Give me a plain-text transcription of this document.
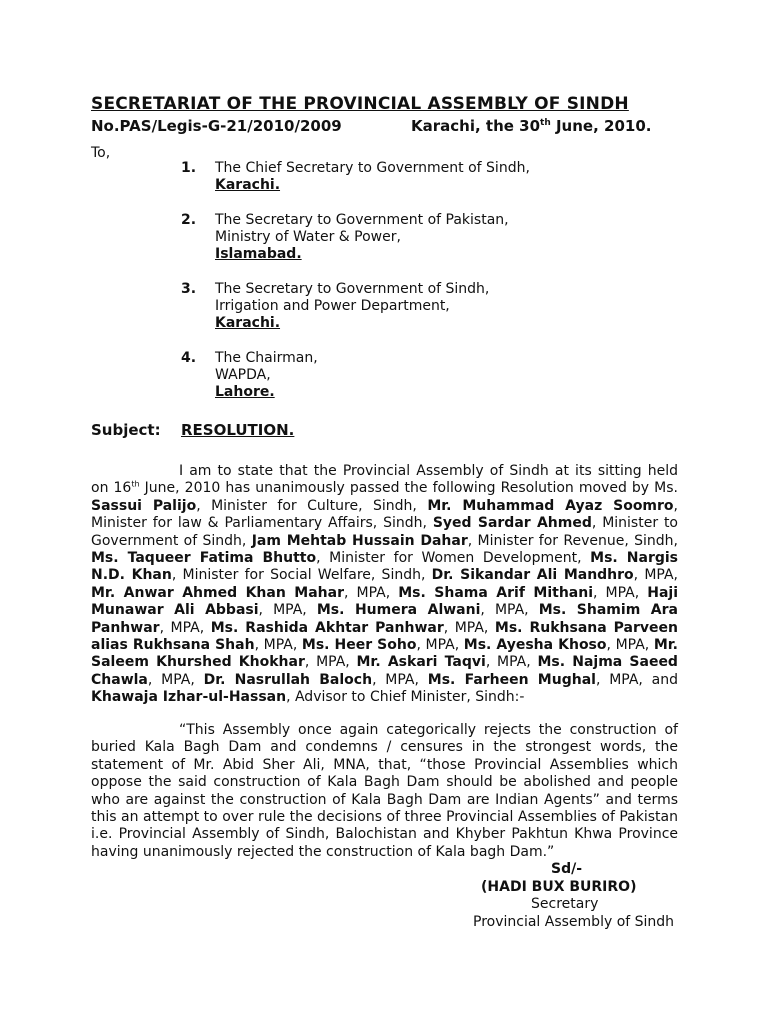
SECRETARIAT OF THE PROVINCIAL ASSEMBLY OF SINDH
No.PAS/Legis-G-21/2010/2009	Karachi, the 30th June, 2010.
To,
1. The Chief Secretary to Government of Sindh,
Karachi.
2. The Secretary to Government of Pakistan,
Ministry of Water & Power,
Islamabad.
3. The Secretary to Government of Sindh,
Irrigation and Power Department,
Karachi.
4. The Chairman,
WAPDA,
Lahore.
Subject: RESOLUTION.
I am to state that the Provincial Assembly of Sindh at its sitting held on 16th June, 2010 has unanimously passed the following Resolution moved by Ms. Sassui Palijo, Minister for Culture, Sindh, Mr. Muhammad Ayaz Soomro, Minister for law & Parliamentary Affairs, Sindh, Syed Sardar Ahmed, Minister to Government of Sindh, Jam Mehtab Hussain Dahar, Minister for Revenue, Sindh, Ms. Taqueer Fatima Bhutto, Minister for Women Development, Ms. Nargis N.D. Khan, Minister for Social Welfare, Sindh, Dr. Sikandar Ali Mandhro, MPA, Mr. Anwar Ahmed Khan Mahar, MPA, Ms. Shama Arif Mithani, MPA, Haji Munawar Ali Abbasi, MPA, Ms. Humera Alwani, MPA, Ms. Shamim Ara Panhwar, MPA, Ms. Rashida Akhtar Panhwar, MPA, Ms. Rukhsana Parveen alias Rukhsana Shah, MPA, Ms. Heer Soho, MPA, Ms. Ayesha Khoso, MPA, Mr. Saleem Khurshed Khokhar, MPA, Mr. Askari Taqvi, MPA, Ms. Najma Saeed Chawla, MPA, Dr. Nasrullah Baloch, MPA, Ms. Farheen Mughal, MPA, and Khawaja Izhar-ul-Hassan, Advisor to Chief Minister, Sindh:-
“This Assembly once again categorically rejects the construction of buried Kala Bagh Dam and condemns / censures in the strongest words, the statement of Mr. Abid Sher Ali, MNA, that, “those Provincial Assemblies which oppose the said construction of Kala Bagh Dam should be abolished and people who are against the construction of Kala Bagh Dam are Indian Agents” and terms this an attempt to over rule the decisions of three Provincial Assemblies of Pakistan i.e. Provincial Assembly of Sindh, Balochistan and Khyber Pakhtun Khwa Province having unanimously rejected the construction of Kala bagh Dam.”
Sd/-
(HADI BUX BURIRO)
Secretary
Provincial Assembly of Sindh
